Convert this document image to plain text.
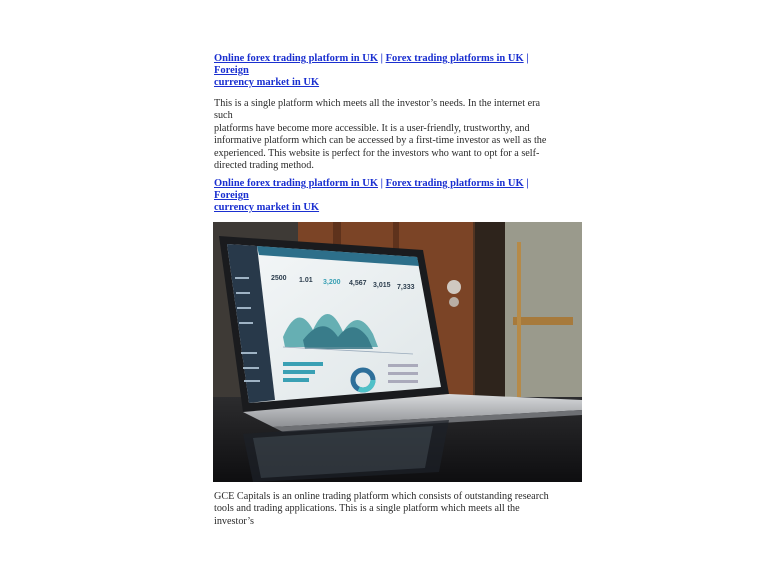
Online forex trading platform in UK | Forex trading platforms in UK | Foreign
currency market in UK
This is a single platform which meets all the investor’s needs. In the internet era such
platforms have become more accessible. It is a user-friendly, trustworthy, and
informative platform which can be accessed by a first-time investor as well as the
experienced. This website is perfect for the investors who want to opt for a self-
directed trading method.
Online forex trading platform in UK | Forex trading platforms in UK | Foreign
currency market in UK
2500 1.01 3,200 4,567 3,015 7,333
GCE Capitals is an online trading platform which consists of outstanding research
tools and trading applications. This is a single platform which meets all the investor’s
